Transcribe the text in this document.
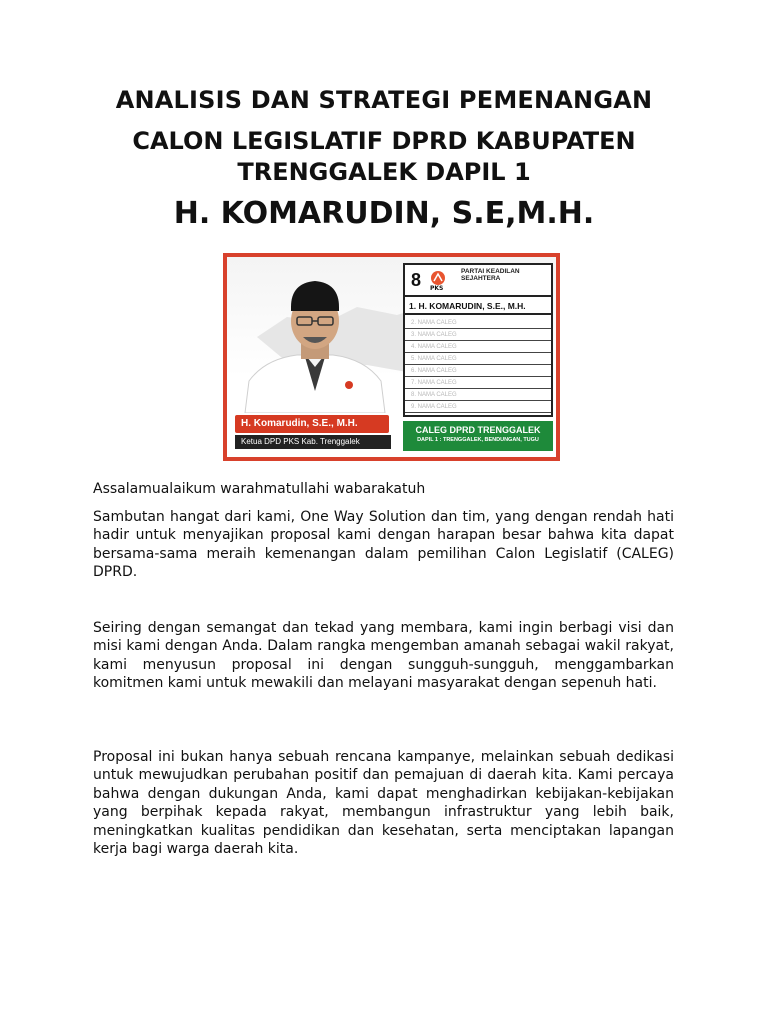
ANALISIS DAN STRATEGI PEMENANGAN
CALON LEGISLATIF DPRD KABUPATEN TRENGGALEK DAPIL 1
H. KOMARUDIN, S.E,M.H.
H. Komarudin, S.E., M.H.
Ketua DPD PKS Kab. Trenggalek
8 PKS
PARTAI KEADILAN SEJAHTERA
1. H. KOMARUDIN, S.E., M.H.
2. NAMA CALEG
3. NAMA CALEG
4. NAMA CALEG
5. NAMA CALEG
6. NAMA CALEG
7. NAMA CALEG
8. NAMA CALEG
9. NAMA CALEG
CALEG DPRD TRENGGALEK
DAPIL 1 : TRENGGALEK, BENDUNGAN, TUGU

Assalamualaikum warahmatullahi wabarakatuh

Sambutan hangat dari kami, One Way Solution dan tim, yang dengan rendah hati hadir untuk menyajikan proposal kami dengan harapan besar bahwa kita dapat bersama-sama meraih kemenangan dalam pemilihan Calon Legislatif (CALEG) DPRD.

Seiring dengan semangat dan tekad yang membara, kami ingin berbagi visi dan misi kami dengan Anda. Dalam rangka mengemban amanah sebagai wakil rakyat, kami menyusun proposal ini dengan sungguh-sungguh, menggambarkan komitmen kami untuk mewakili dan melayani masyarakat dengan sepenuh hati.

Proposal ini bukan hanya sebuah rencana kampanye, melainkan sebuah dedikasi untuk mewujudkan perubahan positif dan pemajuan di daerah kita. Kami percaya bahwa dengan dukungan Anda, kami dapat menghadirkan kebijakan-kebijakan yang berpihak kepada rakyat, membangun infrastruktur yang lebih baik, meningkatkan kualitas pendidikan dan kesehatan, serta menciptakan lapangan kerja bagi warga daerah kita.
